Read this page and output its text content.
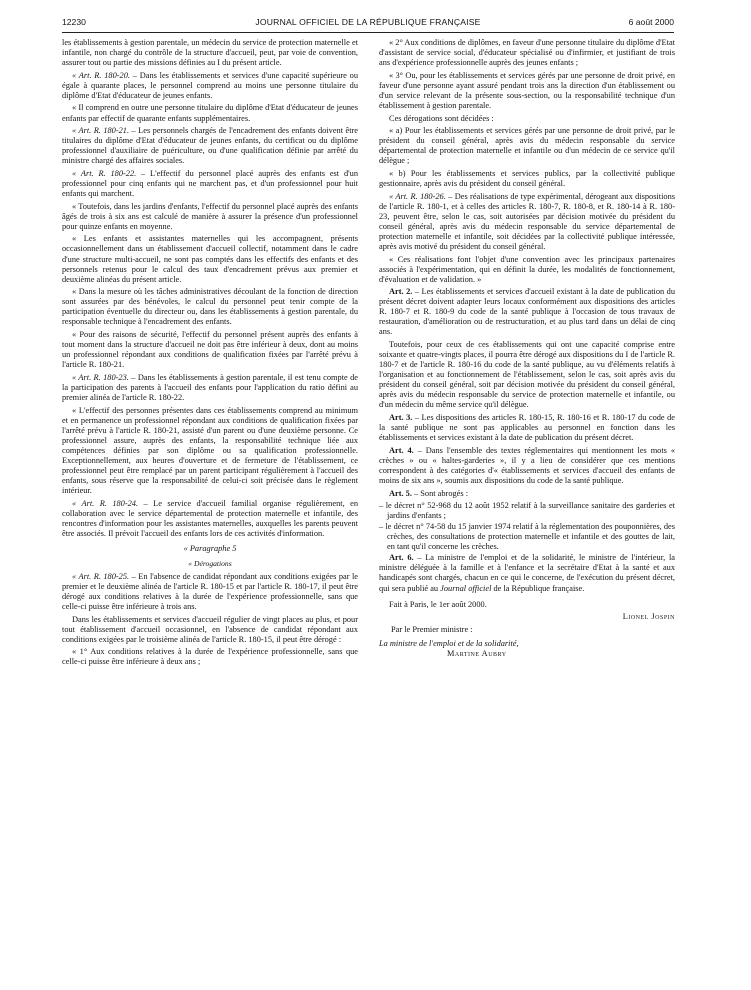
12230	JOURNAL OFFICIEL DE LA RÉPUBLIQUE FRANÇAISE	6 août 2000

les établissements à gestion parentale, un médecin du service de protection maternelle et infantile, non chargé du contrôle de la structure d'accueil, peut, par voie de convention, assurer tout ou partie des missions définies au I du présent article.

« Art. R. 180-20. – Dans les établissements et services d'une capacité supérieure ou égale à quarante places, le personnel comprend au moins une personne titulaire du diplôme d'Etat d'éducateur de jeunes enfants.

« Il comprend en outre une personne titulaire du diplôme d'Etat d'éducateur de jeunes enfants par effectif de quarante enfants supplémentaires.

« Art. R. 180-21. – Les personnels chargés de l'encadrement des enfants doivent être titulaires du diplôme d'Etat d'éducateur de jeunes enfants, du certificat ou du diplôme professionnel d'auxiliaire de puériculture, ou d'une qualification définie par arrêté du ministre chargé des affaires sociales.

« Art. R. 180-22. – L'effectif du personnel placé auprès des enfants est d'un professionnel pour cinq enfants qui ne marchent pas, et d'un professionnel pour huit enfants qui marchent.

« Toutefois, dans les jardins d'enfants, l'effectif du personnel placé auprès des enfants âgés de trois à six ans est calculé de manière à assurer la présence d'un professionnel pour quinze enfants en moyenne.

« Les enfants et assistantes maternelles qui les accompagnent, présents occasionnellement dans un établissement d'accueil collectif, notamment dans le cadre d'une structure multi-accueil, ne sont pas comptés dans les effectifs des enfants et des personnels retenus pour le calcul des taux d'encadrement prévus aux premier et deuxième alinéas du présent article.

« Dans la mesure où les tâches administratives découlant de la fonction de direction sont assurées par des bénévoles, le calcul du personnel peut tenir compte de la participation éventuelle du directeur ou, dans les établissements à gestion parentale, du responsable technique à l'encadrement des enfants.

« Pour des raisons de sécurité, l'effectif du personnel présent auprès des enfants à tout moment dans la structure d'accueil ne doit pas être inférieur à deux, dont au moins un professionnel répondant aux conditions de qualification fixées par l'arrêté prévu à l'article R. 180-21.

« Art. R. 180-23. – Dans les établissements à gestion parentale, il est tenu compte de la participation des parents à l'accueil des enfants pour l'application du ratio défini au premier alinéa de l'article R. 180-22.

« L'effectif des personnes présentes dans ces établissements comprend au minimum et en permanence un professionnel répondant aux conditions de qualification fixées par l'arrêté prévu à l'article R. 180-21, assisté d'un parent ou d'une deuxième personne. Ce professionnel assure, auprès des enfants, la responsabilité technique liée aux compétences définies par son diplôme ou sa qualification professionnelle. Exceptionnellement, aux heures d'ouverture et de fermeture de l'établissement, ce professionnel peut être remplacé par un parent participant régulièrement à l'accueil des enfants, sous réserve que la responsabilité de celui-ci soit précisée dans le règlement intérieur.

« Art. R. 180-24. – Le service d'accueil familial organise régulièrement, en collaboration avec le service départemental de protection maternelle et infantile, des rencontres d'information pour les assistantes maternelles, auxquelles les parents peuvent être associés. Il prévoit l'accueil des enfants lors de ces activités d'information.

« Paragraphe 5

« Dérogations

« Art. R. 180-25. – En l'absence de candidat répondant aux conditions exigées par le premier et le deuxième alinéa de l'article R. 180-15 et par l'article R. 180-17, il peut être dérogé aux conditions relatives à la durée de l'expérience professionnelle, sans que celle-ci puisse être inférieure à trois ans.

Dans les établissements et services d'accueil régulier de vingt places au plus, et pour tout établissement d'accueil occasionnel, en l'absence de candidat répondant aux conditions exigées par le troisième alinéa de l'article R. 180-15, il peut être dérogé :

« 1° Aux conditions relatives à la durée de l'expérience professionnelle, sans que celle-ci puisse être inférieure à deux ans ;

« 2° Aux conditions de diplômes, en faveur d'une personne titulaire du diplôme d'Etat d'assistant de service social, d'éducateur spécialisé ou d'infirmier, et justifiant de trois ans d'expérience professionnelle auprès des jeunes enfants ;

« 3° Ou, pour les établissements et services gérés par une personne de droit privé, en faveur d'une personne ayant assuré pendant trois ans la direction d'un établissement ou d'un service relevant de la présente sous-section, ou la responsabilité technique d'un établissement à gestion parentale.

Ces dérogations sont décidées :

« a) Pour les établissements et services gérés par une personne de droit privé, par le président du conseil général, après avis du médecin responsable du service départemental de protection maternelle et infantile ou d'un médecin de ce service qu'il délègue ;

« b) Pour les établissements et services publics, par la collectivité publique gestionnaire, après avis du président du conseil général.

« Art. R. 180-26. – Des réalisations de type expérimental, dérogeant aux dispositions de l'article R. 180-1, et à celles des articles R. 180-7, R. 180-8, et R. 180-14 à R. 180-23, peuvent être, selon le cas, soit autorisées par décision motivée du président du conseil général, après avis du médecin responsable du service départemental de protection maternelle et infantile, soit décidées par la collectivité publique intéressée, après avis motivé du président du conseil général.

« Ces réalisations font l'objet d'une convention avec les principaux partenaires associés à l'expérimentation, qui en définit la durée, les modalités de fonctionnement, d'évaluation et de validation. »

Art. 2. – Les établissements et services d'accueil existant à la date de publication du présent décret doivent adapter leurs locaux conformément aux dispositions des articles R. 180-7 et R. 180-9 du code de la santé publique à l'occasion de tous travaux de restauration, d'amélioration ou de restructuration, et au plus tard dans un délai de cinq ans.

Toutefois, pour ceux de ces établissements qui ont une capacité comprise entre soixante et quatre-vingts places, il pourra être dérogé aux dispositions du I de l'article R. 180-7 et de l'article R. 180-16 du code de la santé publique, au vu d'éléments relatifs à l'organisation et au fonctionnement de l'établissement, selon le cas, soit après avis du président du conseil général, soit par décision motivée du président du conseil général, après avis du médecin responsable du service de protection maternelle et infantile, ou d'un médecin du même service qu'il délègue.

Art. 3. – Les dispositions des articles R. 180-15, R. 180-16 et R. 180-17 du code de la santé publique ne sont pas applicables au personnel en fonction dans les établissements et services existant à la date de publication du présent décret.

Art. 4. – Dans l'ensemble des textes réglementaires qui mentionnent les mots « crèches » ou « haltes-garderies », il y a lieu de considérer que ces mentions correspondent à des catégories d'« établissements et services d'accueil des enfants de moins de six ans », soumis aux dispositions du code de la santé publique.

Art. 5. – Sont abrogés :

– le décret n° 52-968 du 12 août 1952 relatif à la surveillance sanitaire des garderies et jardins d'enfants ;

– le décret n° 74-58 du 15 janvier 1974 relatif à la réglementation des pouponnières, des crèches, des consultations de protection maternelle et infantile et des gouttes de lait, en tant qu'il concerne les crèches.

Art. 6. – La ministre de l'emploi et de la solidarité, le ministre de l'intérieur, la ministre déléguée à la famille et à l'enfance et la secrétaire d'Etat à la santé et aux handicapés sont chargés, chacun en ce qui le concerne, de l'exécution du présent décret, qui sera publié au Journal officiel de la République française.

Fait à Paris, le 1er août 2000.

Lionel Jospin

Par le Premier ministre :

La ministre de l'emploi et de la solidarité,

Martine Aubry
